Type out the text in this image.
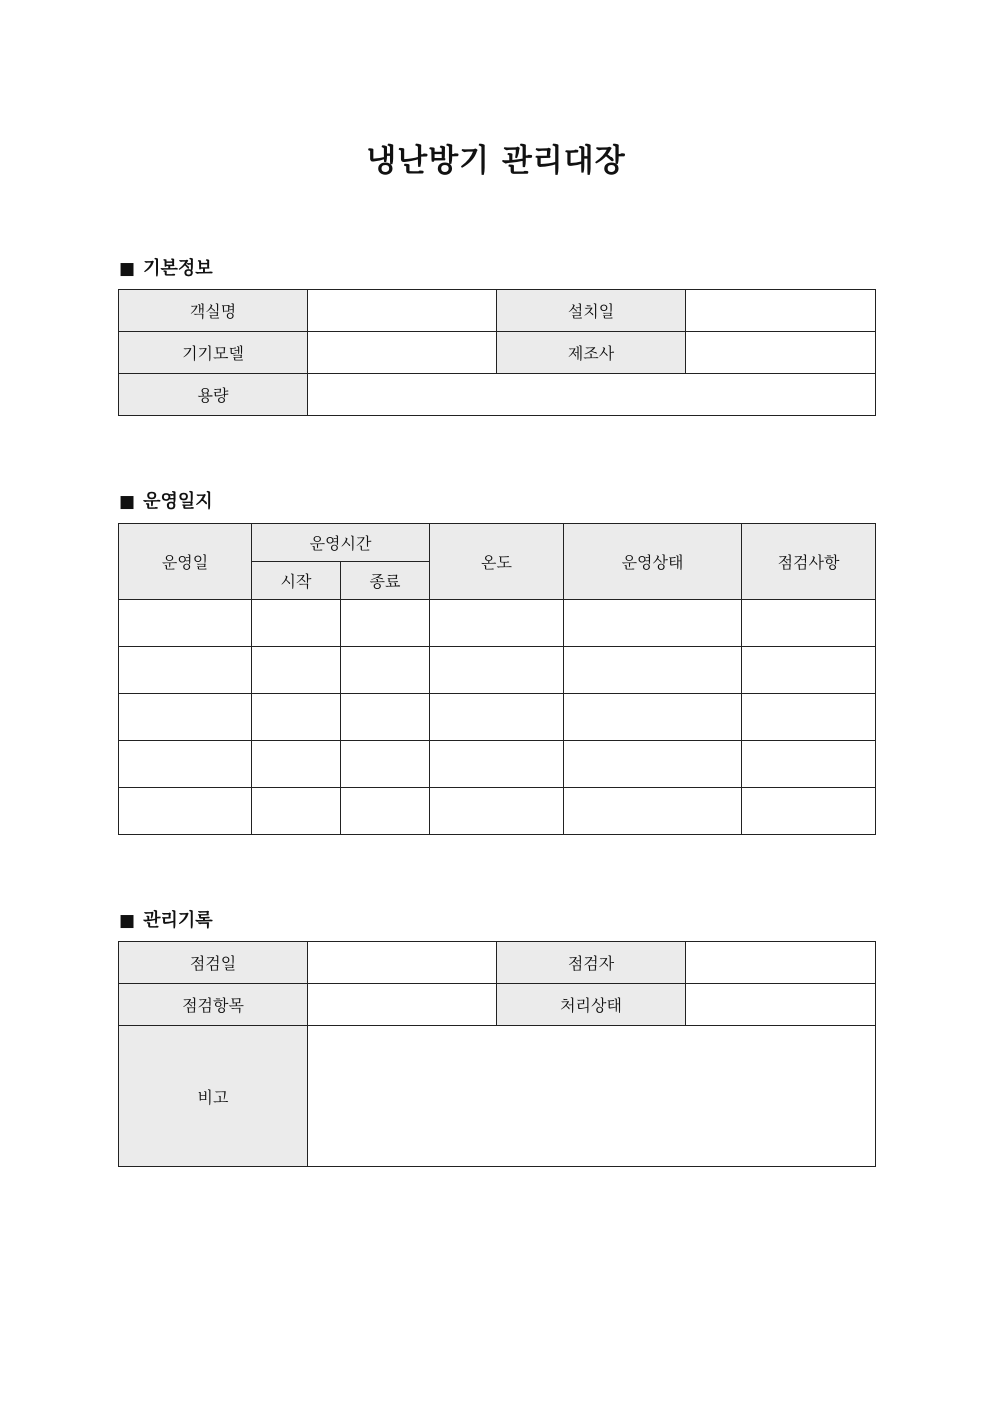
냉난방기 관리대장
■ 기본정보
객실명		설치일	
기기모델		제조사	
용량			
■ 운영일지
운영일	운영시간		온도	운영상태	점검사항
	시작	종료			

■ 관리기록
점검일		점검자	
점검항목		처리상태	
비고			
